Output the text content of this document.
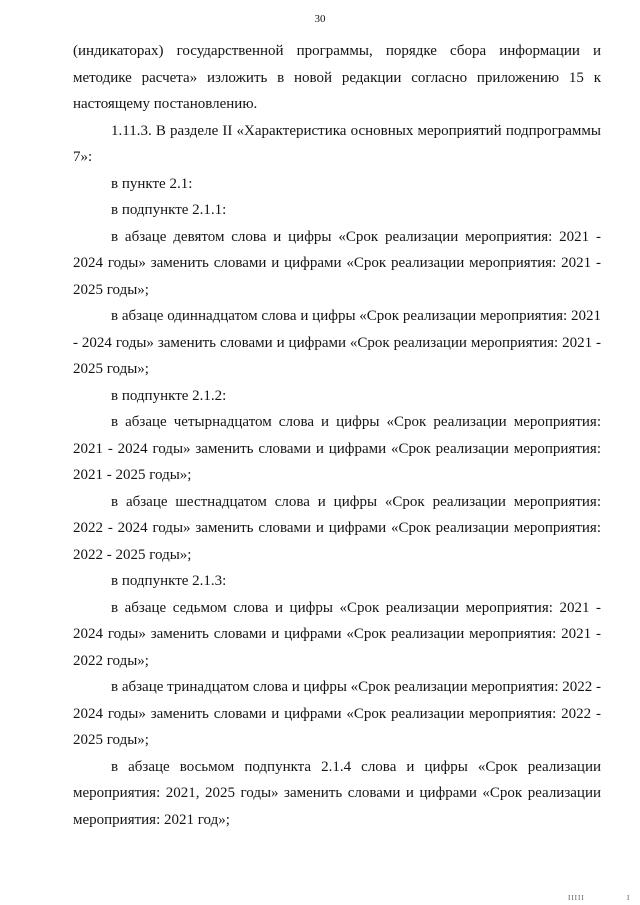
30

(индикаторах) государственной программы, порядке сбора информации и методике расчета» изложить в новой редакции согласно приложению 15 к настоящему постановлению.

1.11.3. В разделе II «Характеристика основных мероприятий подпрограммы 7»:

в пункте 2.1:

в подпункте 2.1.1:

в абзаце девятом слова и цифры «Срок реализации мероприятия: 2021 - 2024 годы» заменить словами и цифрами «Срок реализации мероприятия: 2021 - 2025 годы»;

в абзаце одиннадцатом слова и цифры «Срок реализации мероприятия: 2021 - 2024 годы» заменить словами и цифрами «Срок реализации мероприятия: 2021 - 2025 годы»;

в подпункте 2.1.2:

в абзаце четырнадцатом слова и цифры «Срок реализации мероприятия: 2021 - 2024 годы» заменить словами и цифрами «Срок реализации мероприятия: 2021 - 2025 годы»;

в абзаце шестнадцатом слова и цифры «Срок реализации мероприятия: 2022 - 2024 годы» заменить словами и цифрами «Срок реализации мероприятия: 2022 - 2025 годы»;

в подпункте 2.1.3:

в абзаце седьмом слова и цифры «Срок реализации мероприятия: 2021 - 2024 годы» заменить словами и цифрами «Срок реализации мероприятия: 2021 - 2022 годы»;

в абзаце тринадцатом слова и цифры «Срок реализации мероприятия: 2022 - 2024 годы» заменить словами и цифрами «Срок реализации мероприятия: 2022 - 2025 годы»;

в абзаце восьмом подпункта 2.1.4 слова и цифры «Срок реализации мероприятия: 2021, 2025 годы» заменить словами и цифрами «Срок реализации мероприятия: 2021 год»;

IIIII	I
